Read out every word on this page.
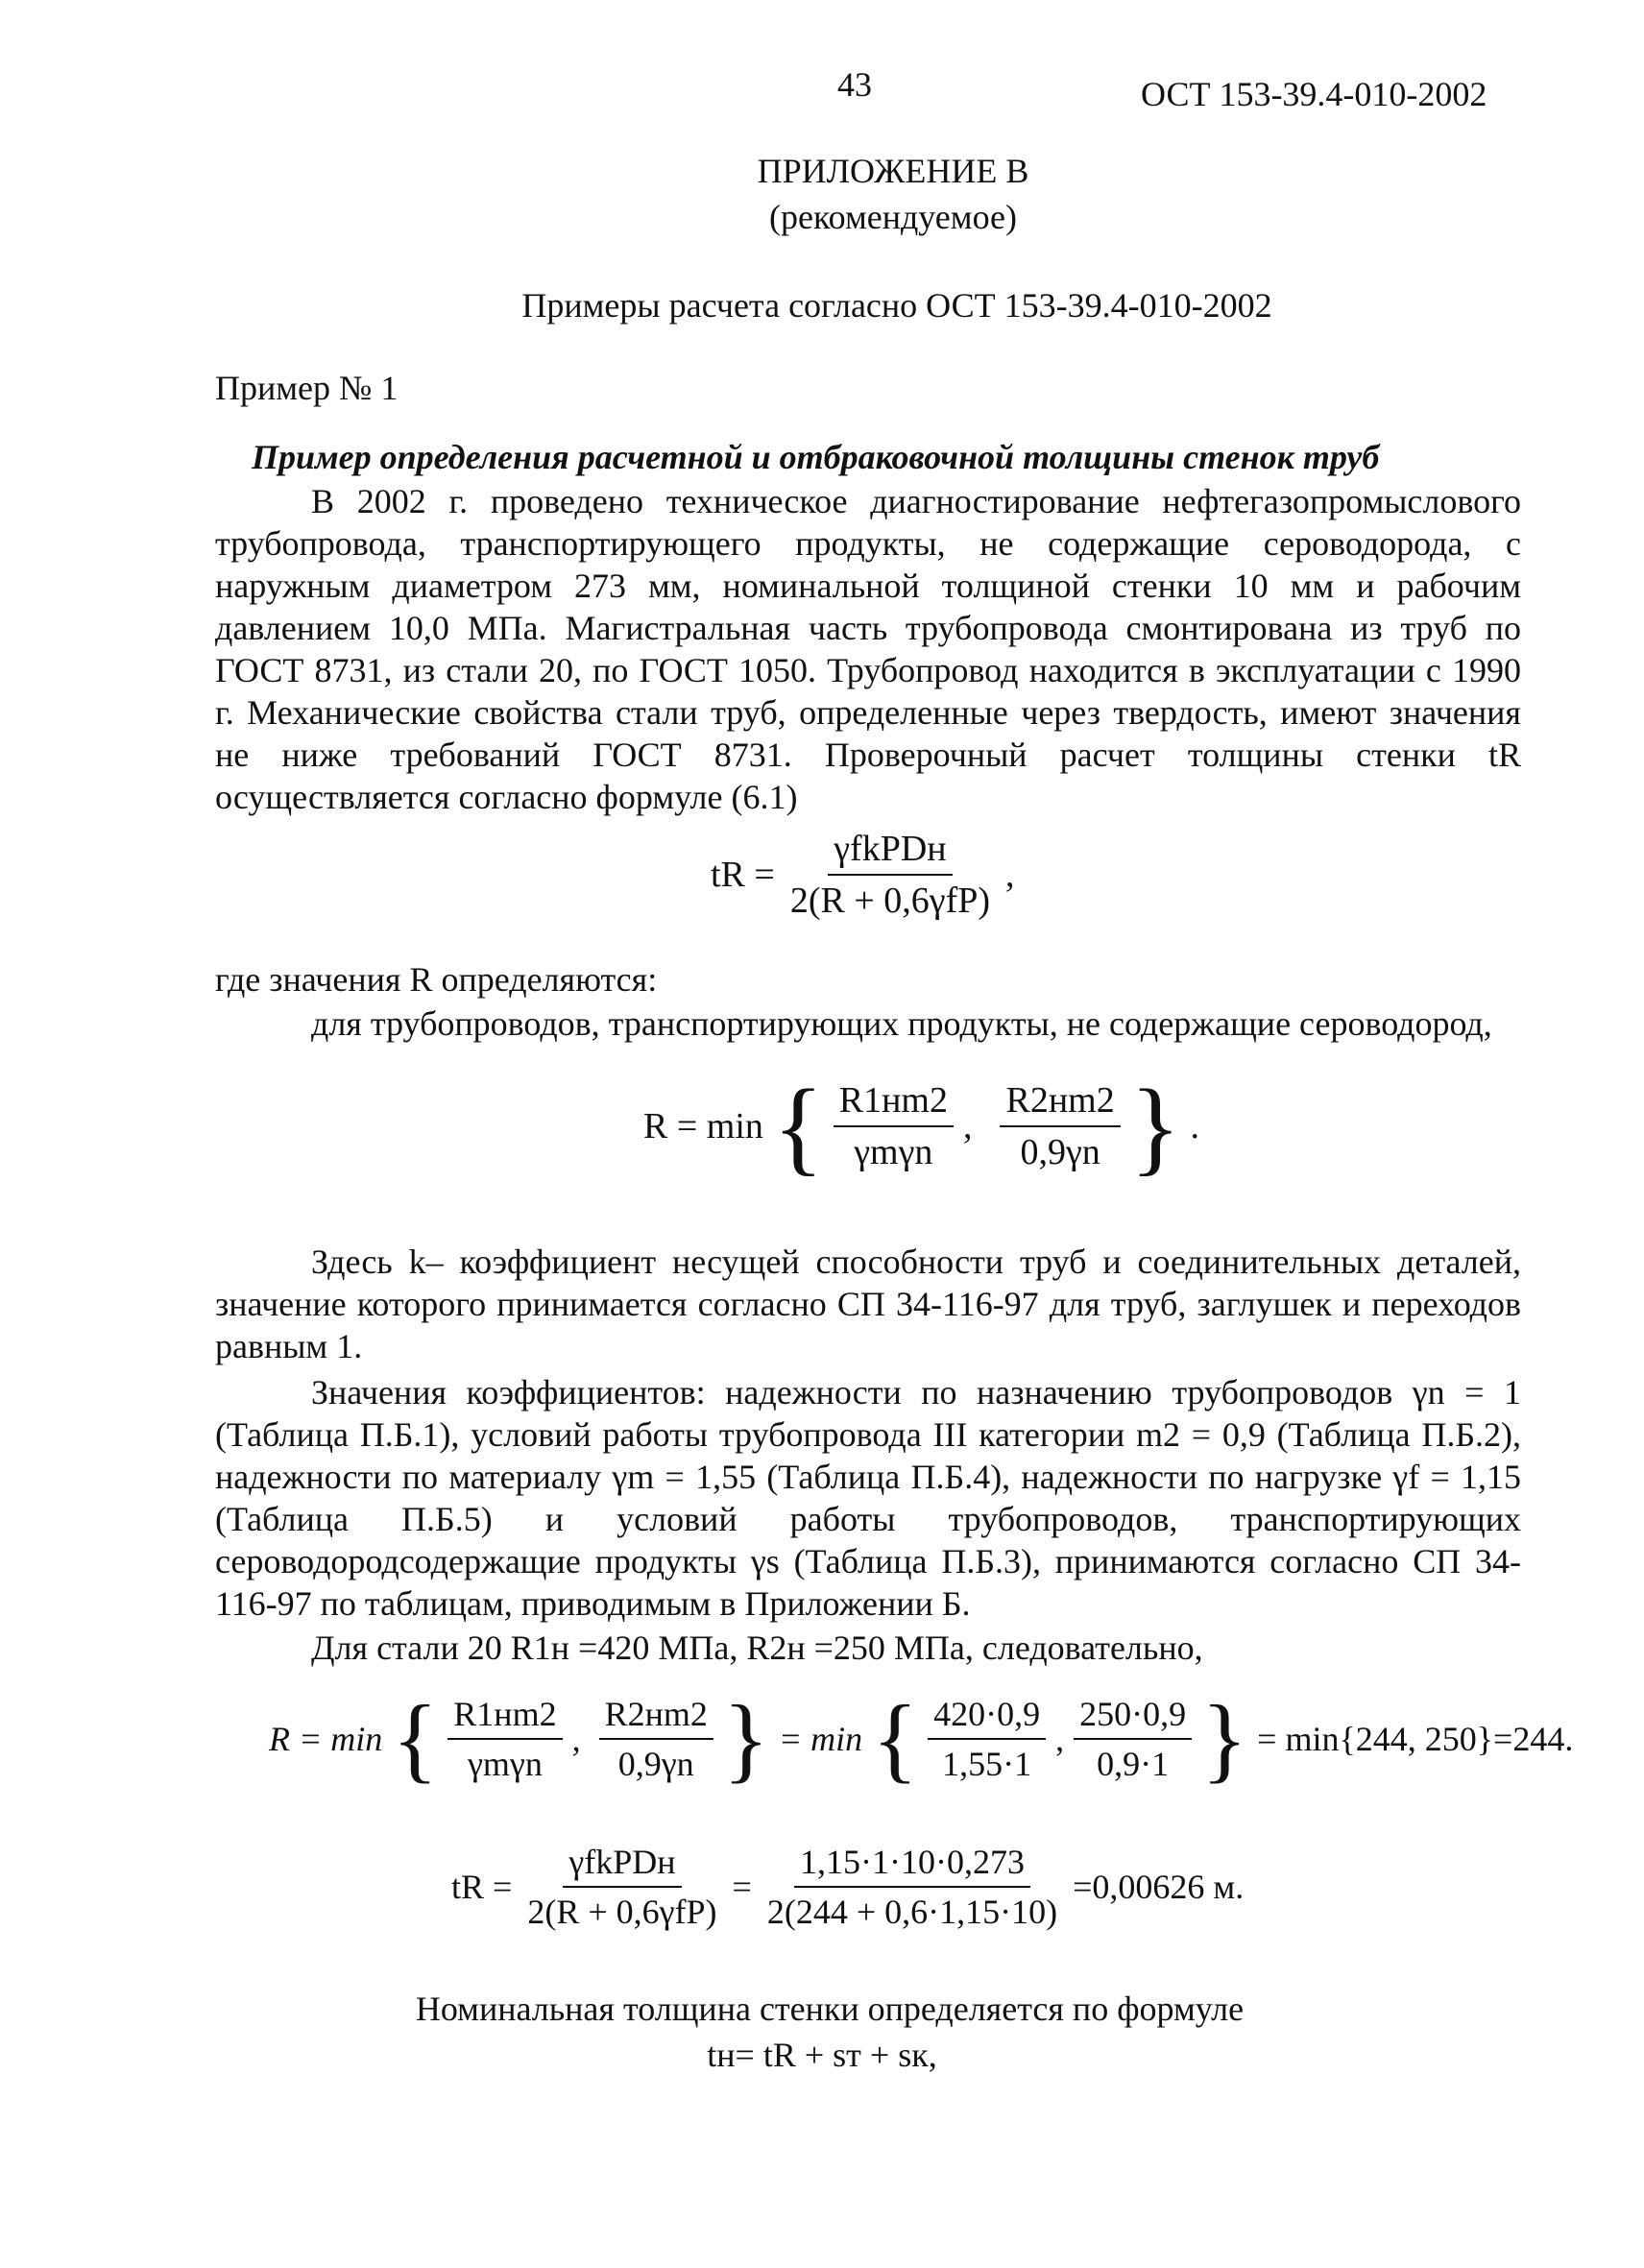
43	ОСТ 153-39.4-010-2002
ПРИЛОЖЕНИЕ В
(рекомендуемое)
Примеры расчета согласно ОСТ 153-39.4-010-2002
Пример № 1
Пример определения расчетной и отбраковочной толщины стенок труб

В 2002 г. проведено техническое диагностирование нефтегазопромыслового трубопровода, транспортирующего продукты, не содержащие сероводорода, с наружным диаметром 273 мм, номинальной толщиной стенки 10 мм и рабочим давлением 10,0 МПа. Магистральная часть трубопровода смонтирована из труб по ГОСТ 8731, из стали 20, по ГОСТ 1050. Трубопровод находится в эксплуатации с 1990 г. Механические свойства стали труб, определенные через твердость, имеют значения не ниже требований ГОСТ 8731. Проверочный расчет толщины стенки tR осуществляется согласно формуле (6.1)

tR = $\frac{\text{γfkPDн}}{\text{2(R + 0,6γfP)}}$ ,
где значения R определяются:

для трубопроводов, транспортирующих продукты, не содержащие сероводород,

R = min { $\frac{R1нm2}{\text{γmγn}}$ , $\frac{R2нm2}{0,9\gamma n}$ } .

Здесь k– коэффициент несущей способности труб и соединительных деталей, значение которого принимается согласно СП 34-116-97 для труб, заглушек и переходов равным 1.

Значения коэффициентов: надежности по назначению трубопроводов γn = 1 (Таблица П.Б.1), условий работы трубопровода III категории m2 = 0,9 (Таблица П.Б.2), надежности по материалу γm = 1,55 (Таблица П.Б.4), надежности по нагрузке γf = 1,15 (Таблица П.Б.5) и условий работы трубопроводов, транспортирующих сероводородсодержащие продукты γs (Таблица П.Б.3), принимаются согласно СП 34-116-97 по таблицам, приводимым в Приложении Б.

Для стали 20 R1н =420 МПа, R2н =250 МПа, следовательно,

R = min { $\frac{R1нm2}{\text{γmγn}}$ , $\frac{R2нm2}{0,9\gamma n}$ } = min { $\frac{420\cdot 0,9}{1,55\cdot 1}$ , $\frac{250\cdot 0,9}{0,9\cdot 1}$ } = min{244, 250}=244.
tR = $\frac{\text{γfkPDн}}{\text{2(R + 0,6γfP)}} = \frac{1,15\cdot 1\cdot 10\cdot 0,273}{2(244 + 0,6\cdot 1,15\cdot 10)} =0,00626$ м.
Номинальная толщина стенки определяется по формуле
tн= tR + sт + sк,
